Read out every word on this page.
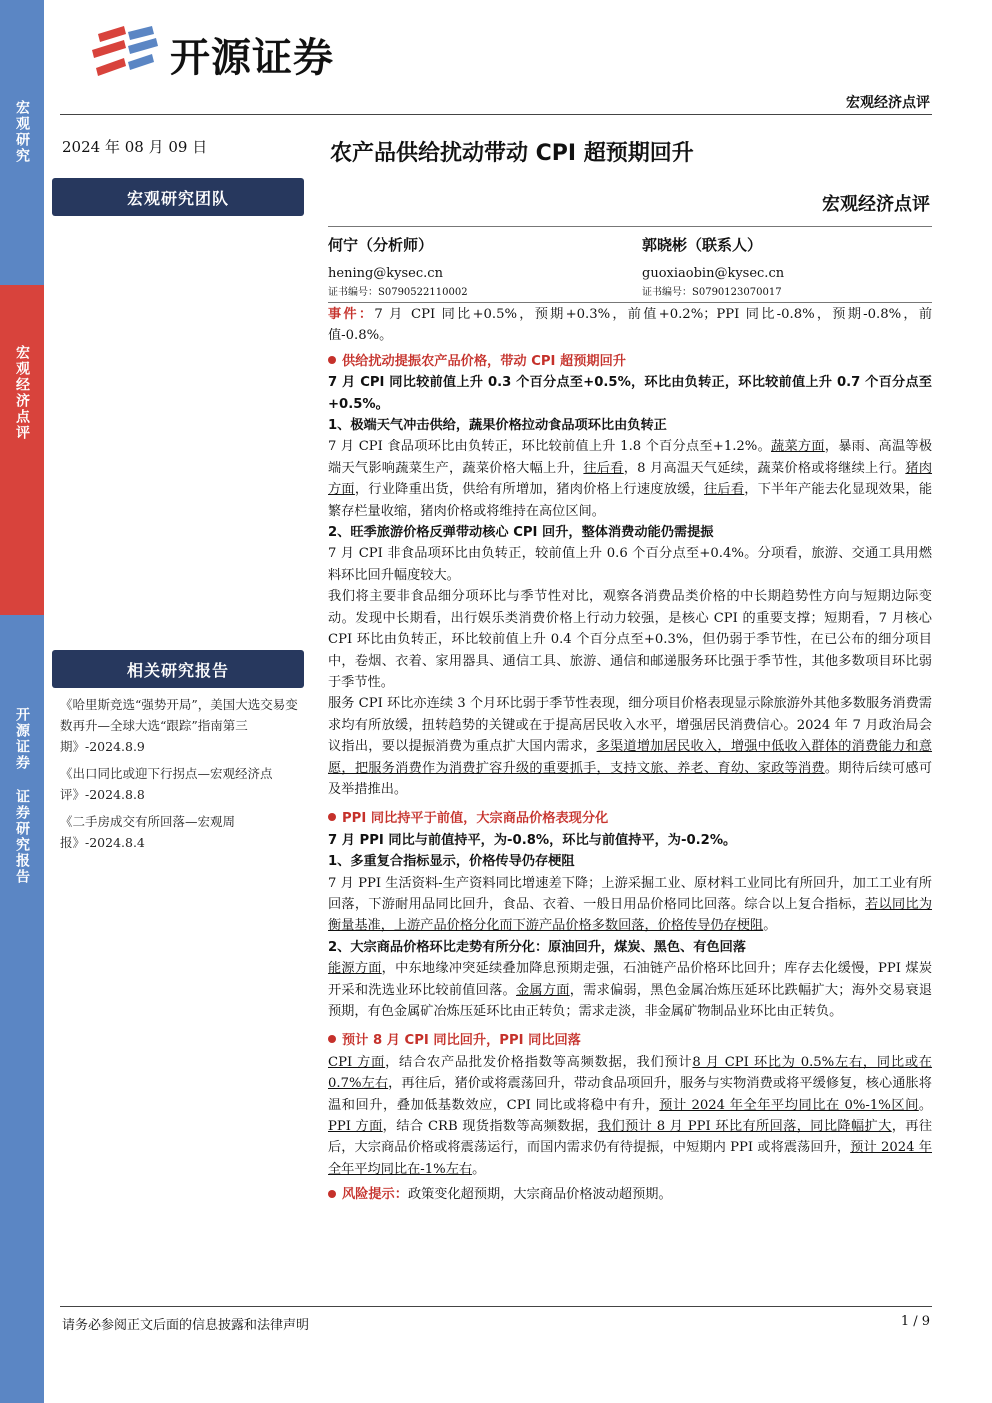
宏观研究
宏观经济点评
开源证券 证券研究报告
开源证券
宏观经济点评
2024 年 08 月 09 日	农产品供给扰动带动 CPI 超预期回升
宏观经济点评
宏观研究团队
何宁（分析师）
hening@kysec.cn
证书编号：S0790522110002
郭晓彬（联系人）
guoxiaobin@kysec.cn
证书编号：S0790123070017
相关研究报告

《哈里斯竞选“强势开局”，美国大选交易变数再升—全球大选“跟踪”指南第三期》-2024.8.9

《出口同比或迎下行拐点—宏观经济点评》-2024.8.8

《二手房成交有所回落—宏观周报》-2024.8.4

事件：7 月 CPI 同比+0.5%，预期+0.3%，前值+0.2%；PPI 同比-0.8%，预期-0.8%，前值-0.8%。

供给扰动提振农产品价格，带动 CPI 超预期回升

7 月 CPI 同比较前值上升 0.3 个百分点至+0.5%，环比由负转正，环比较前值上升 0.7 个百分点至+0.5%。

1、极端天气冲击供给，蔬果价格拉动食品项环比由负转正

7 月 CPI 食品项环比由负转正，环比较前值上升 1.8 个百分点至+1.2%。蔬菜方面，暴雨、高温等极端天气影响蔬菜生产，蔬菜价格大幅上升，往后看，8 月高温天气延续，蔬菜价格或将继续上行。猪肉方面，行业降重出货，供给有所增加，猪肉价格上行速度放缓，往后看，下半年产能去化显现效果，能繁存栏量收缩，猪肉价格或将维持在高位区间。

2、旺季旅游价格反弹带动核心 CPI 回升，整体消费动能仍需提振

7 月 CPI 非食品项环比由负转正，较前值上升 0.6 个百分点至+0.4%。分项看，旅游、交通工具用燃料环比回升幅度较大。

我们将主要非食品细分项环比与季节性对比，观察各消费品类价格的中长期趋势性方向与短期边际变动。发现中长期看，出行娱乐类消费价格上行动力较强，是核心 CPI 的重要支撑；短期看，7 月核心 CPI 环比由负转正，环比较前值上升 0.4 个百分点至+0.3%，但仍弱于季节性，在已公布的细分项目中，卷烟、衣着、家用器具、通信工具、旅游、通信和邮递服务环比强于季节性，其他多数项目环比弱于季节性。

服务 CPI 环比亦连续 3 个月环比弱于季节性表现，细分项目价格表现显示除旅游外其他多数服务消费需求均有所放缓，扭转趋势的关键或在于提高居民收入水平，增强居民消费信心。2024 年 7 月政治局会议指出，要以提振消费为重点扩大国内需求，多渠道增加居民收入，增强中低收入群体的消费能力和意愿，把服务消费作为消费扩容升级的重要抓手，支持文旅、养老、育幼、家政等消费。期待后续可感可及举措推出。

PPI 同比持平于前值，大宗商品价格表现分化

7 月 PPI 同比与前值持平，为-0.8%，环比与前值持平，为-0.2%。

1、多重复合指标显示，价格传导仍存梗阻

7 月 PPI 生活资料-生产资料同比增速差下降；上游采掘工业、原材料工业同比有所回升，加工工业有所回落，下游耐用品同比回升，食品、衣着、一般日用品价格同比回落。综合以上复合指标，若以同比为衡量基准，上游产品价格分化而下游产品价格多数回落，价格传导仍存梗阻。

2、大宗商品价格环比走势有所分化：原油回升，煤炭、黑色、有色回落

能源方面，中东地缘冲突延续叠加降息预期走强，石油链产品价格环比回升；库存去化缓慢，PPI 煤炭开采和洗选业环比较前值回落。金属方面，需求偏弱，黑色金属冶炼压延环比跌幅扩大；海外交易衰退预期，有色金属矿冶炼压延环比由正转负；需求走淡，非金属矿物制品业环比由正转负。

预计 8 月 CPI 同比回升，PPI 同比回落

CPI 方面，结合农产品批发价格指数等高频数据，我们预计8 月 CPI 环比为 0.5%左右，同比或在 0.7%左右，再往后，猪价或将震荡回升，带动食品项回升，服务与实物消费或将平缓修复，核心通胀将温和回升，叠加低基数效应，CPI 同比或将稳中有升，预计 2024 年全年平均同比在 0%-1%区间。PPI 方面，结合 CRB 现货指数等高频数据，我们预计 8 月 PPI 环比有所回落，同比降幅扩大，再往后，大宗商品价格或将震荡运行，而国内需求仍有待提振，中短期内 PPI 或将震荡回升，预计 2024 年全年平均同比在-1%左右。

风险提示：政策变化超预期，大宗商品价格波动超预期。

请务必参阅正文后面的信息披露和法律声明	1 / 9
